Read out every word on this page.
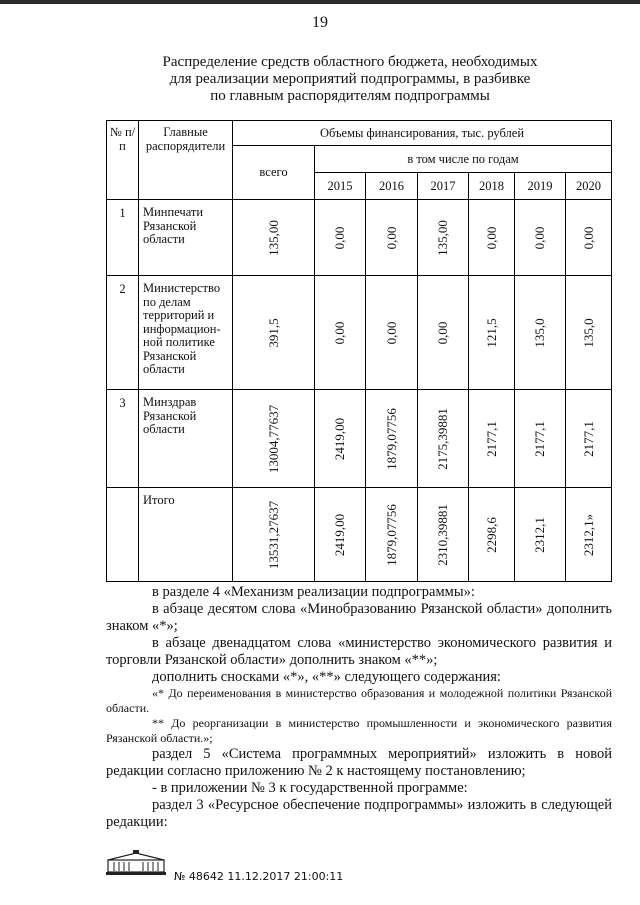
19
Распределение средств областного бюджета, необходимых
для реализации мероприятий подпрограммы, в разбивке
по главным распорядителям подпрограммы
№ п/п	Главные распорядители	Объемы финансирования, тыс. рублей						
		всего	в том числе по годам					
			2015	2016	2017	2018	2019	2020
1	Минпечати Рязанской области	135,00	0,00	0,00	135,00	0,00	0,00	0,00

2	Министерство по делам территорий и информацион-ной политике Рязанской области	391,5	0,00	0,00	0,00	121,5	135,0	135,0

3	Минздрав Рязанской области	13004,77637	2419,00	1879,07756	2175,39881	2177,1	2177,1	2177,1

	Итого	13531,27637	2419,00	1879,07756	2310,39881	2298,6	2312,1	2312,1»

в разделе 4 «Механизм реализации подпрограммы»:

в абзаце десятом слова «Минобразованию Рязанской области» дополнить знаком «*»;

в абзаце двенадцатом слова «министерство экономического развития и торговли Рязанской области» дополнить знаком «**»;

дополнить сносками «*», «**» следующего содержания:

«* До переименования в министерство образования и молодежной политики Рязанской области.

** До реорганизации в министерство промышленности и экономического развития Рязанской области.»;

раздел 5 «Система программных мероприятий» изложить в новой редакции согласно приложению № 2 к настоящему постановлению;

- в приложении № 3 к государственной программе:

раздел 3 «Ресурсное обеспечение подпрограммы» изложить в следующей редакции:

№ 48642 11.12.2017 21:00:11
